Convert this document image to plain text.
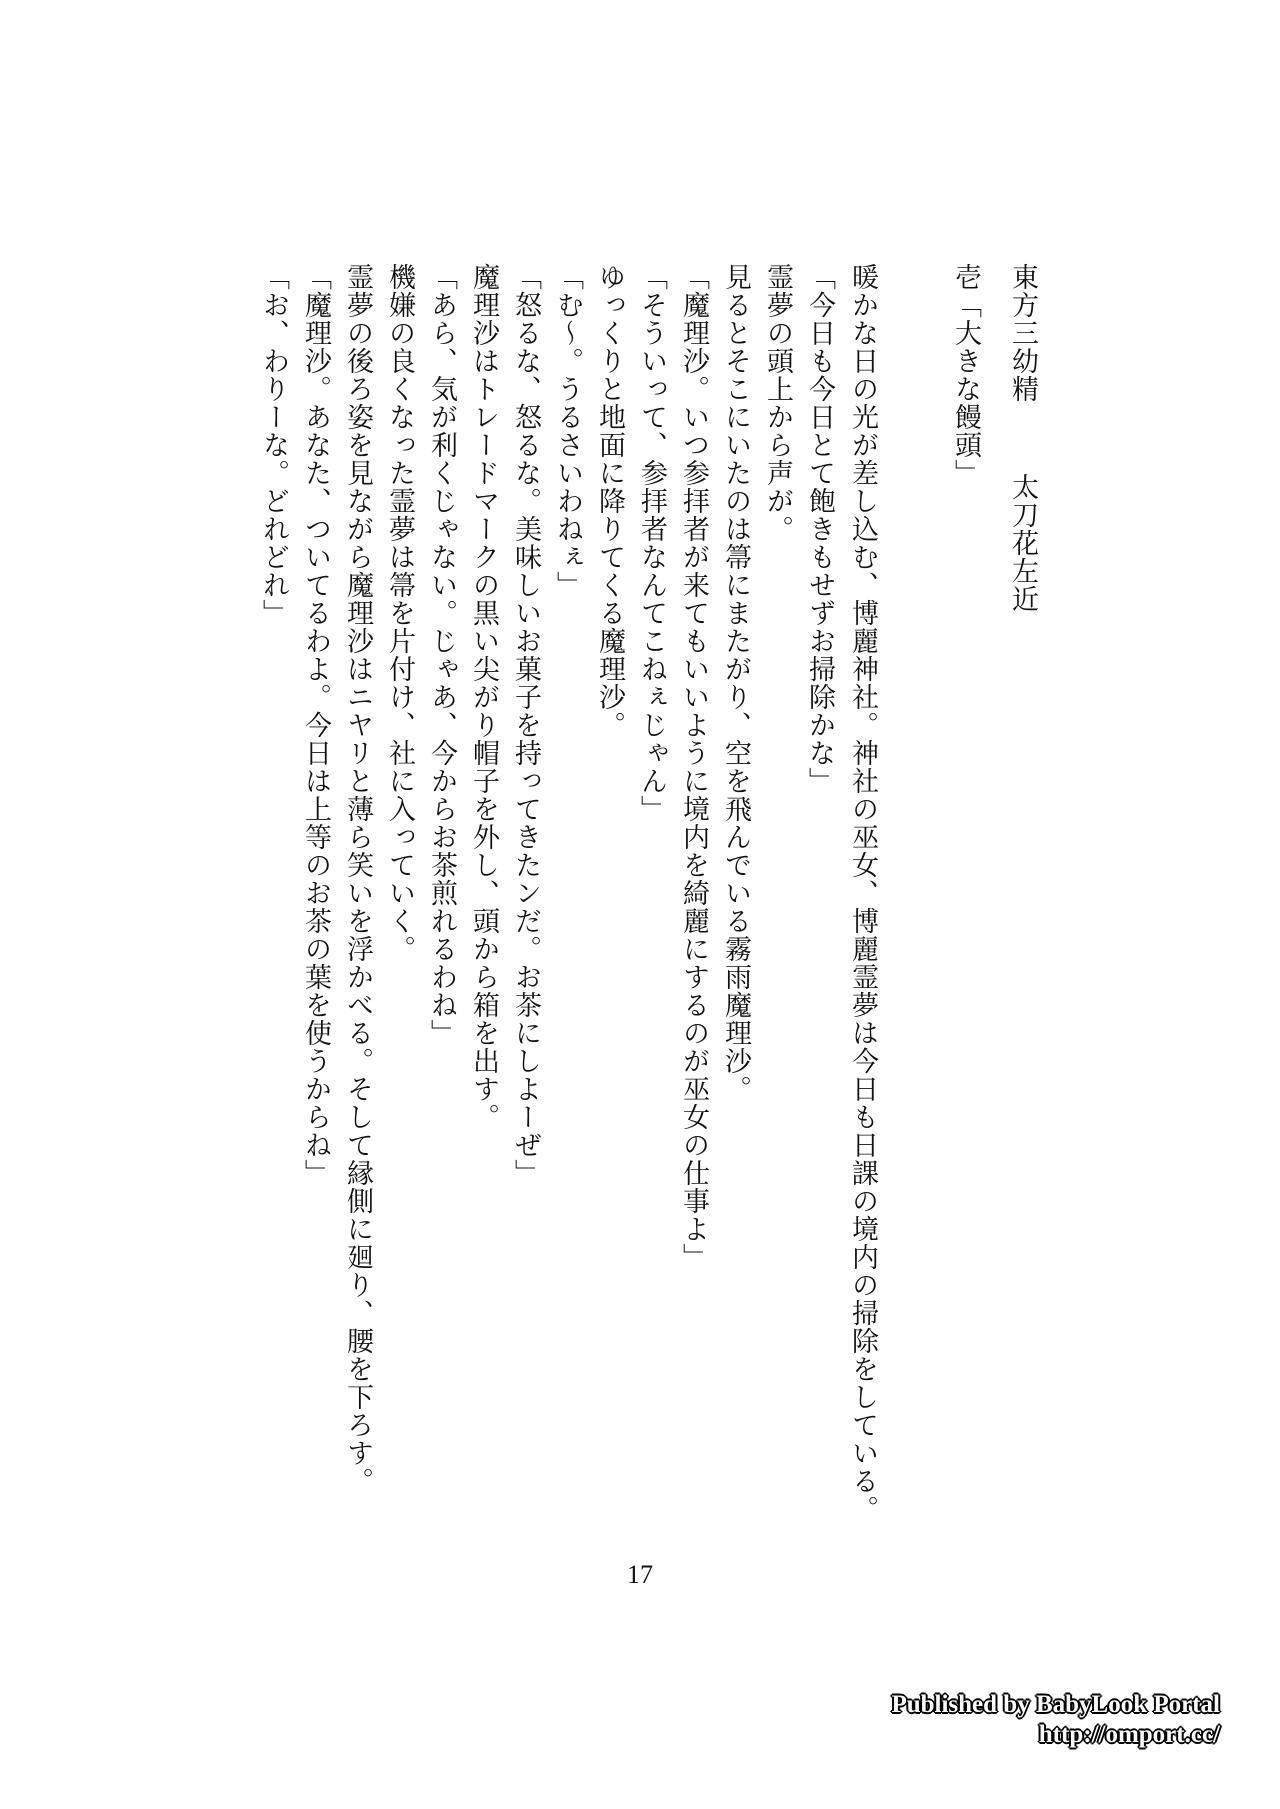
東方三幼精太刀花左近
壱「大きな饅頭」
暖かな日の光が差し込む、博麗神社。神社の巫女、博麗霊夢は今日も日課の境内の掃除をしている。
「今日も今日とて飽きもせずお掃除かな」
霊夢の頭上から声が。
見るとそこにいたのは箒にまたがり、空を飛んでいる霧雨魔理沙。
「魔理沙。いつ参拝者が来てもいいように境内を綺麗にするのが巫女の仕事よ」
「そういって、参拝者なんてこねぇじゃん」
ゆっくりと地面に降りてくる魔理沙。
「む～。うるさいわねぇ」
「怒るな、怒るな。美味しいお菓子を持ってきたンだ。お茶にしよーぜ」
魔理沙はトレードマークの黒い尖がり帽子を外し、頭から箱を出す。
「あら、気が利くじゃない。じゃあ、今からお茶煎れるわね」
機嫌の良くなった霊夢は箒を片付け、社に入っていく。
霊夢の後ろ姿を見ながら魔理沙はニヤリと薄ら笑いを浮かべる。そして縁側に廻り、腰を下ろす。
「魔理沙。あなた、ついてるわよ。今日は上等のお茶の葉を使うからね」
「お、わりーな。どれどれ」
17
Published by BabyLook Portal
http://omport.cc/
